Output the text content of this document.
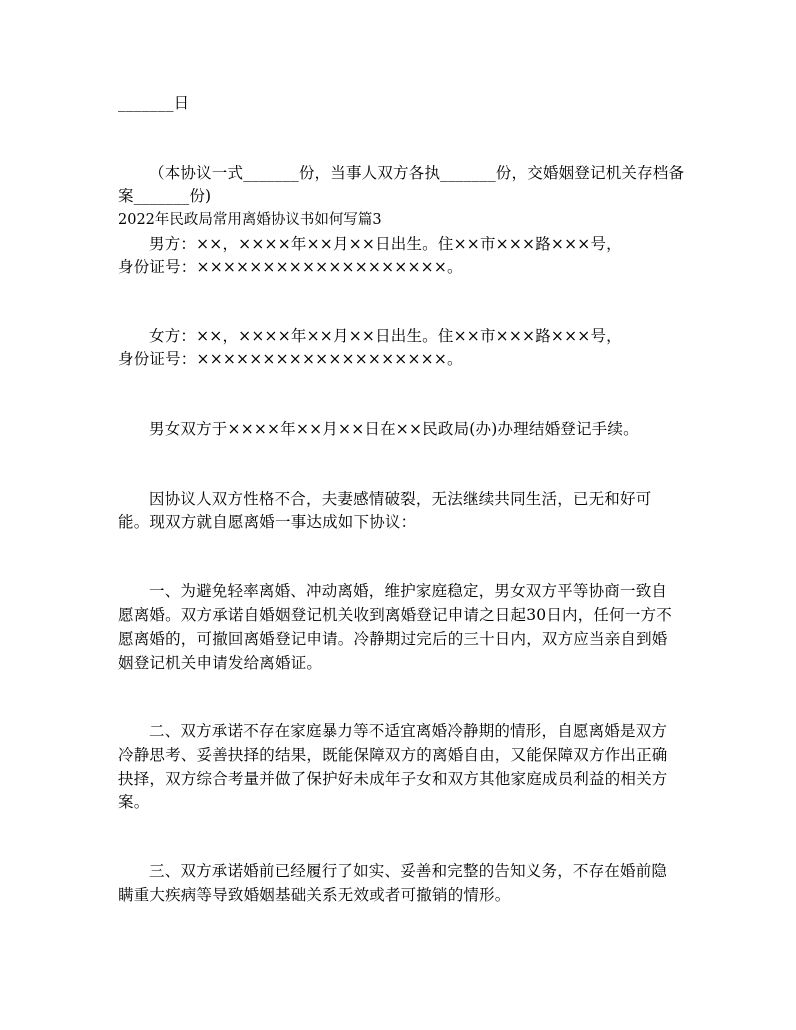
_______日
（本协议一式_______份，当事人双方各执_______份，交婚姻登记机关存档备
案_______份)
2022年民政局常用离婚协议书如何写篇3
男方：××，××××年××月××日出生。住××市×××路×××号，
身份证号：×××××××××××××××××××。
女方：××，××××年××月××日出生。住××市×××路×××号，
身份证号：×××××××××××××××××××。
男女双方于××××年××月××日在××民政局(办)办理结婚登记手续。
因协议人双方性格不合，夫妻感情破裂，无法继续共同生活，已无和好可
能。现双方就自愿离婚一事达成如下协议：
一、为避免轻率离婚、冲动离婚，维护家庭稳定，男女双方平等协商一致自
愿离婚。双方承诺自婚姻登记机关收到离婚登记申请之日起30日内，任何一方不
愿离婚的，可撤回离婚登记申请。冷静期过完后的三十日内，双方应当亲自到婚
姻登记机关申请发给离婚证。
二、双方承诺不存在家庭暴力等不适宜离婚冷静期的情形，自愿离婚是双方
冷静思考、妥善抉择的结果，既能保障双方的离婚自由，又能保障双方作出正确
抉择，双方综合考量并做了保护好未成年子女和双方其他家庭成员利益的相关方
案。
三、双方承诺婚前已经履行了如实、妥善和完整的告知义务，不存在婚前隐
瞒重大疾病等导致婚姻基础关系无效或者可撤销的情形。
